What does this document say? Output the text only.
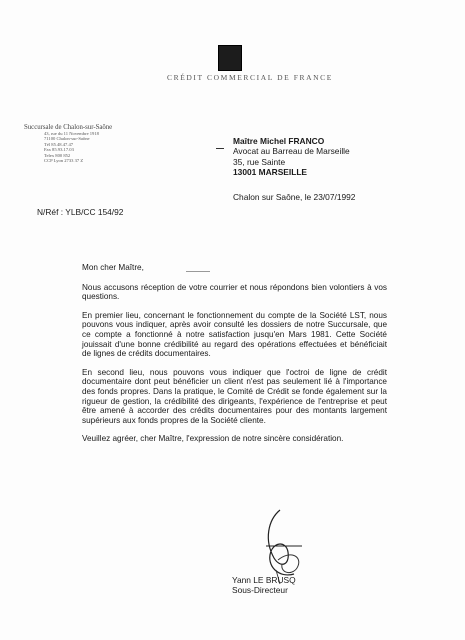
CRÉDIT COMMERCIAL DE FRANCE
Succursale de Chalon-sur-Saône
43, rue du 11 Novembre 1918
71100 Chalon-sur-Saône
Tél 85.48.47.47
Fax 85.93.17.03
Telex 800 852
CCP Lyon 2733 37 Z
Maître Michel FRANCO
Avocat au Barreau de Marseille
35, rue Sainte
13001 MARSEILLE
Chalon sur Saône, le 23/07/1992
N/Réf : YLB/CC 154/92

Mon cher Maître,

Nous accusons réception de votre courrier et nous répondons bien volontiers à vos questions.

En premier lieu, concernant le fonctionnement du compte de la Société LST, nous pouvons vous indiquer, après avoir consulté les dossiers de notre Succursale, que ce compte a fonctionné à notre satisfaction jusqu'en Mars 1981. Cette Société jouissait d'une bonne crédibilité au regard des opérations effectuées et bénéficiait de lignes de crédits documentaires.

En second lieu, nous pouvons vous indiquer que l'octroi de ligne de crédit documentaire dont peut bénéficier un client n'est pas seulement lié à l'importance des fonds propres. Dans la pratique, le Comité de Crédit se fonde également sur la rigueur de gestion, la crédibilité des dirigeants, l'expérience de l'entreprise et peut être amené à accorder des crédits documentaires pour des montants largement supérieurs aux fonds propres de la Société cliente.

Veuillez agréer, cher Maître, l'expression de notre sincère considération.

Yann LE BRUSQ
Sous-Directeur
